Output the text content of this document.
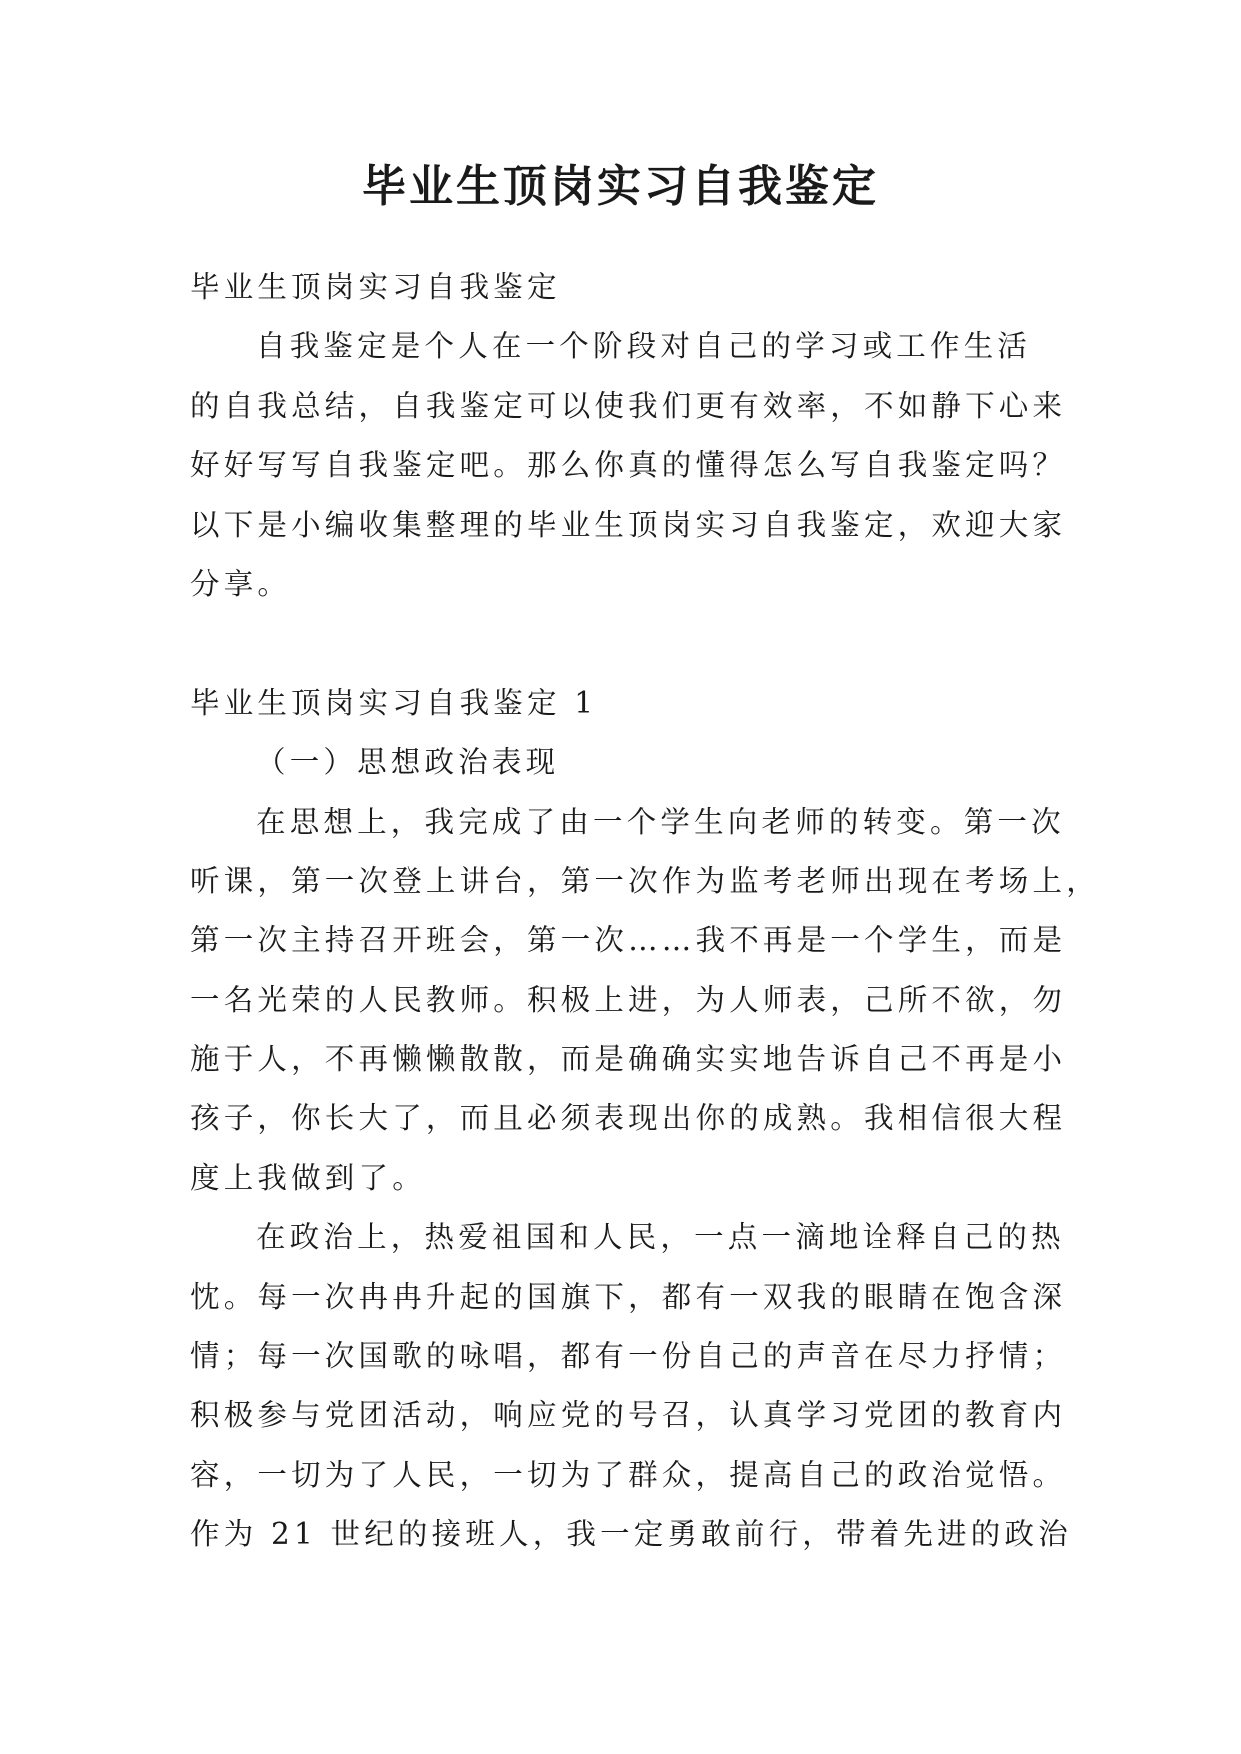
毕业生顶岗实习自我鉴定
毕业生顶岗实习自我鉴定
自我鉴定是个人在一个阶段对自己的学习或工作生活
的自我总结，自我鉴定可以使我们更有效率，不如静下心来
好好写写自我鉴定吧。那么你真的懂得怎么写自我鉴定吗？
以下是小编收集整理的毕业生顶岗实习自我鉴定，欢迎大家
分享。
毕业生顶岗实习自我鉴定 1
（一）思想政治表现
在思想上，我完成了由一个学生向老师的转变。第一次
听课，第一次登上讲台，第一次作为监考老师出现在考场上，
第一次主持召开班会，第一次……我不再是一个学生，而是
一名光荣的人民教师。积极上进，为人师表，己所不欲，勿
施于人，不再懒懒散散，而是确确实实地告诉自己不再是小
孩子，你长大了，而且必须表现出你的成熟。我相信很大程
度上我做到了。
在政治上，热爱祖国和人民，一点一滴地诠释自己的热
忱。每一次冉冉升起的国旗下，都有一双我的眼睛在饱含深
情；每一次国歌的咏唱，都有一份自己的声音在尽力抒情；
积极参与党团活动，响应党的号召，认真学习党团的教育内
容，一切为了人民，一切为了群众，提高自己的政治觉悟。
作为 21 世纪的接班人，我一定勇敢前行，带着先进的政治
